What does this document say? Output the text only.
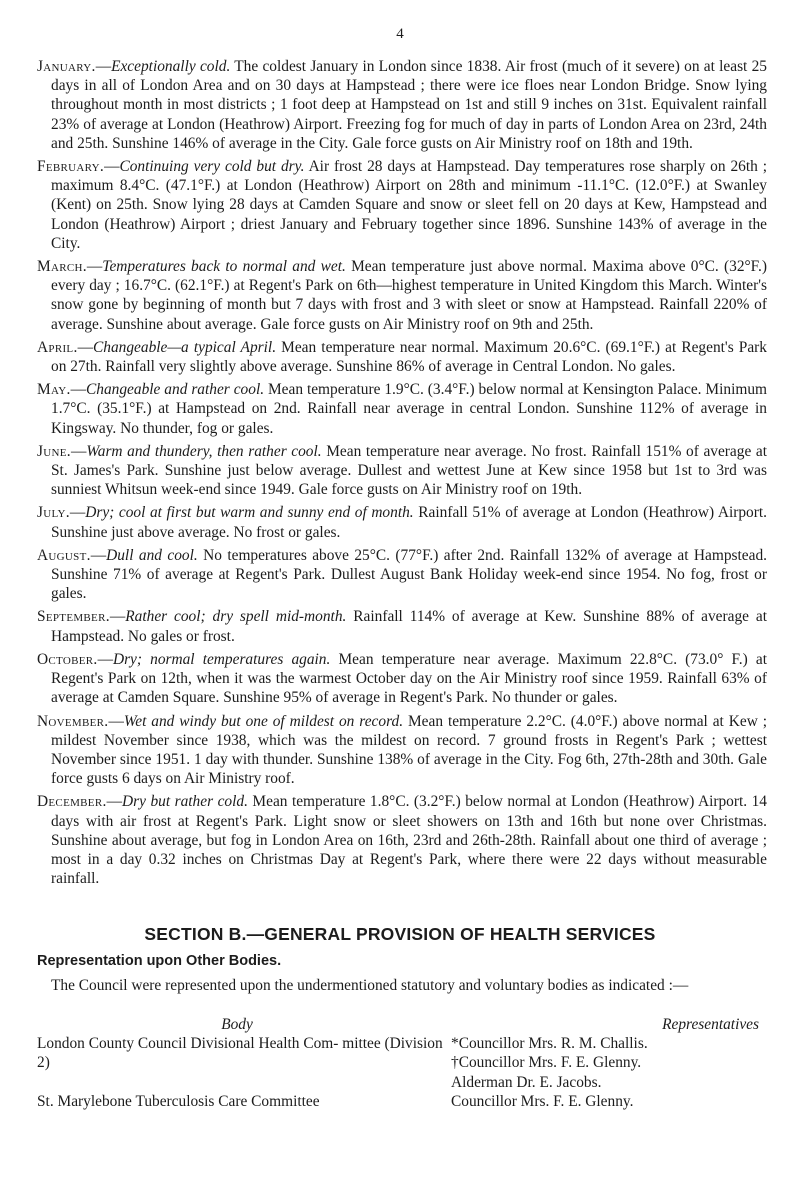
4

January.—Exceptionally cold. The coldest January in London since 1838. Air frost (much of it severe) on at least 25 days in all of London Area and on 30 days at Hampstead ; there were ice floes near London Bridge. Snow lying throughout month in most districts ; 1 foot deep at Hampstead on 1st and still 9 inches on 31st. Equivalent rainfall 23% of average at London (Heathrow) Airport. Freezing fog for much of day in parts of London Area on 23rd, 24th and 25th. Sunshine 146% of average in the City. Gale force gusts on Air Ministry roof on 18th and 19th.

February.—Continuing very cold but dry. Air frost 28 days at Hampstead. Day temperatures rose sharply on 26th ; maximum 8.4°C. (47.1°F.) at London (Heathrow) Airport on 28th and minimum -11.1°C. (12.0°F.) at Swanley (Kent) on 25th. Snow lying 28 days at Camden Square and snow or sleet fell on 20 days at Kew, Hampstead and London (Heathrow) Airport ; driest January and February together since 1896. Sunshine 143% of average in the City.

March.—Temperatures back to normal and wet. Mean temperature just above normal. Maxima above 0°C. (32°F.) every day ; 16.7°C. (62.1°F.) at Regent's Park on 6th—highest temperature in United Kingdom this March. Winter's snow gone by beginning of month but 7 days with frost and 3 with sleet or snow at Hampstead. Rainfall 220% of average. Sunshine about average. Gale force gusts on Air Ministry roof on 9th and 25th.

April.—Changeable—a typical April. Mean temperature near normal. Maximum 20.6°C. (69.1°F.) at Regent's Park on 27th. Rainfall very slightly above average. Sunshine 86% of average in Central London. No gales.

May.—Changeable and rather cool. Mean temperature 1.9°C. (3.4°F.) below normal at Kensington Palace. Minimum 1.7°C. (35.1°F.) at Hampstead on 2nd. Rainfall near average in central London. Sunshine 112% of average in Kingsway. No thunder, fog or gales.

June.—Warm and thundery, then rather cool. Mean temperature near average. No frost. Rainfall 151% of average at St. James's Park. Sunshine just below average. Dullest and wettest June at Kew since 1958 but 1st to 3rd was sunniest Whitsun week-end since 1949. Gale force gusts on Air Ministry roof on 19th.

July.—Dry; cool at first but warm and sunny end of month. Rainfall 51% of average at London (Heathrow) Airport. Sunshine just above average. No frost or gales.

August.—Dull and cool. No temperatures above 25°C. (77°F.) after 2nd. Rainfall 132% of average at Hampstead. Sunshine 71% of average at Regent's Park. Dullest August Bank Holiday week-end since 1954. No fog, frost or gales.

September.—Rather cool; dry spell mid-month. Rainfall 114% of average at Kew. Sunshine 88% of average at Hampstead. No gales or frost.

October.—Dry; normal temperatures again. Mean temperature near average. Maximum 22.8°C. (73.0° F.) at Regent's Park on 12th, when it was the warmest October day on the Air Ministry roof since 1959. Rainfall 63% of average at Camden Square. Sunshine 95% of average in Regent's Park. No thunder or gales.

November.—Wet and windy but one of mildest on record. Mean temperature 2.2°C. (4.0°F.) above normal at Kew ; mildest November since 1938, which was the mildest on record. 7 ground frosts in Regent's Park ; wettest November since 1951. 1 day with thunder. Sunshine 138% of average in the City. Fog 6th, 27th-28th and 30th. Gale force gusts 6 days on Air Ministry roof.

December.—Dry but rather cold. Mean temperature 1.8°C. (3.2°F.) below normal at London (Heathrow) Airport. 14 days with air frost at Regent's Park. Light snow or sleet showers on 13th and 16th but none over Christmas. Sunshine about average, but fog in London Area on 16th, 23rd and 26th-28th. Rainfall about one third of average ; most in a day 0.32 inches on Christmas Day at Regent's Park, where there were 22 days without measurable rainfall.

SECTION B.—GENERAL PROVISION OF HEALTH SERVICES
Representation upon Other Bodies.
The Council were represented upon the undermentioned statutory and voluntary bodies as indicated :—
Body	Representatives
London County Council Divisional Health Com- mittee (Division 2)
*Councillor Mrs. R. M. Challis.
†Councillor Mrs. F. E. Glenny.
Alderman Dr. E. Jacobs.
St. Marylebone Tuberculosis Care Committee	Councillor Mrs. F. E. Glenny.
